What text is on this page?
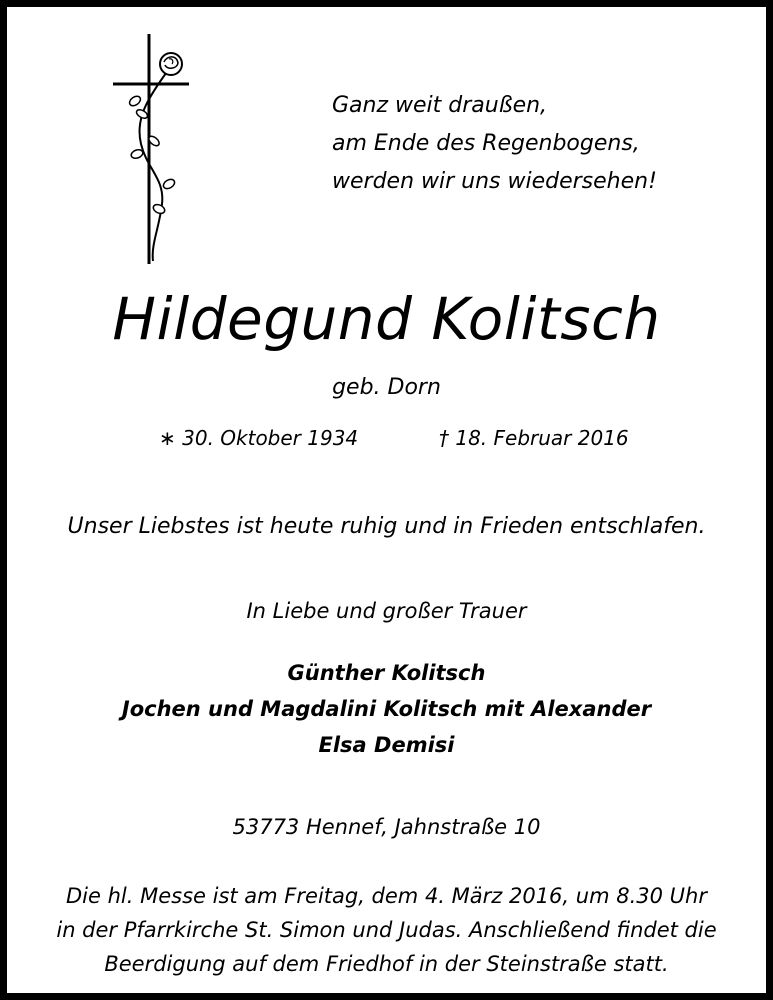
Ganz weit draußen,
am Ende des Regenbogens,
werden wir uns wiedersehen!
Hildegund Kolitsch
geb. Dorn
∗ 30. Oktober 1934	† 18. Februar 2016
Unser Liebstes ist heute ruhig und in Frieden entschlafen.
In Liebe und großer Trauer
Günther Kolitsch
Jochen und Magdalini Kolitsch mit Alexander
Elsa Demisi
53773 Hennef, Jahnstraße 10
Die hl. Messe ist am Freitag, dem 4. März 2016, um 8.30 Uhr
in der Pfarrkirche St. Simon und Judas. Anschließend findet die
Beerdigung auf dem Friedhof in der Steinstraße statt.
